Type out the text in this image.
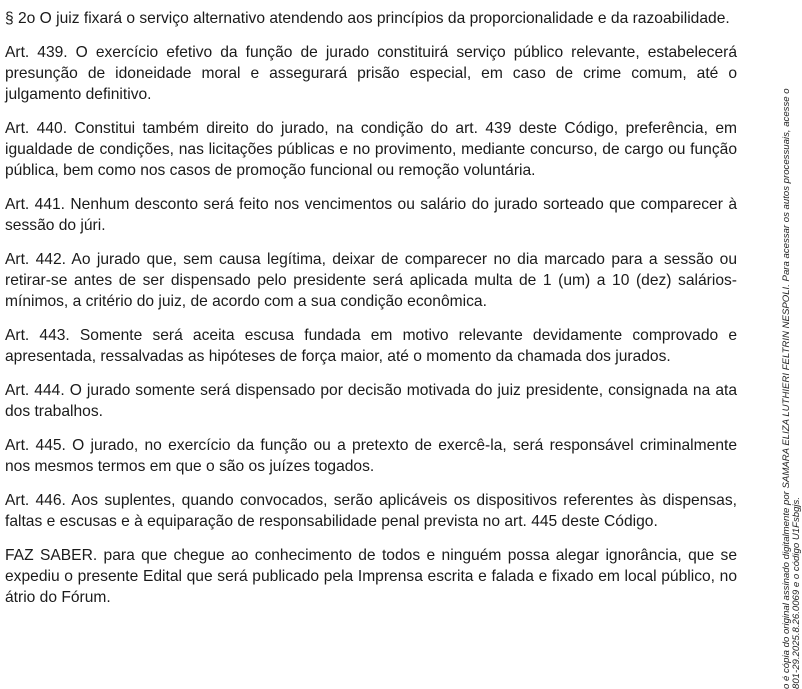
§ 2o O juiz fixará o serviço alternativo atendendo aos princípios da proporcionalidade e da razoabilidade.

Art. 439. O exercício efetivo da função de jurado constituirá serviço público relevante, estabelecerá presunção de idoneidade moral e assegurará prisão especial, em caso de crime comum, até o julgamento definitivo.

Art. 440. Constitui também direito do jurado, na condição do art. 439 deste Código, preferência, em igualdade de condições, nas licitações públicas e no provimento, mediante concurso, de cargo ou função pública, bem como nos casos de promoção funcional ou remoção voluntária.

Art. 441. Nenhum desconto será feito nos vencimentos ou salário do jurado sorteado que comparecer à sessão do júri.

Art. 442. Ao jurado que, sem causa legítima, deixar de comparecer no dia marcado para a sessão ou retirar-se antes de ser dispensado pelo presidente será aplicada multa de 1 (um) a 10 (dez) salários-mínimos, a critério do juiz, de acordo com a sua condição econômica.

Art. 443. Somente será aceita escusa fundada em motivo relevante devidamente comprovado e apresentada, ressalvadas as hipóteses de força maior, até o momento da chamada dos jurados.

Art. 444. O jurado somente será dispensado por decisão motivada do juiz presidente, consignada na ata dos trabalhos.

Art. 445. O jurado, no exercício da função ou a pretexto de exercê-la, será responsável criminalmente nos mesmos termos em que o são os juízes togados.

Art. 446. Aos suplentes, quando convocados, serão aplicáveis os dispositivos referentes às dispensas, faltas e escusas e à equiparação de responsabilidade penal prevista no art. 445 deste Código.

FAZ SABER. para que chegue ao conhecimento de todos e ninguém possa alegar ignorância, que se expediu o presente Edital que será publicado pela Imprensa escrita e falada e fixado em local público, no átrio do Fórum.	o é cópia do original assinado digitalmente por SAMARA ELIZA LUTHIERI FELTRIN NESPOLI. Para acessar os autos processuais, acesse o 801-29.2025.8.26.0069 e o código U1Fsbgjs.
